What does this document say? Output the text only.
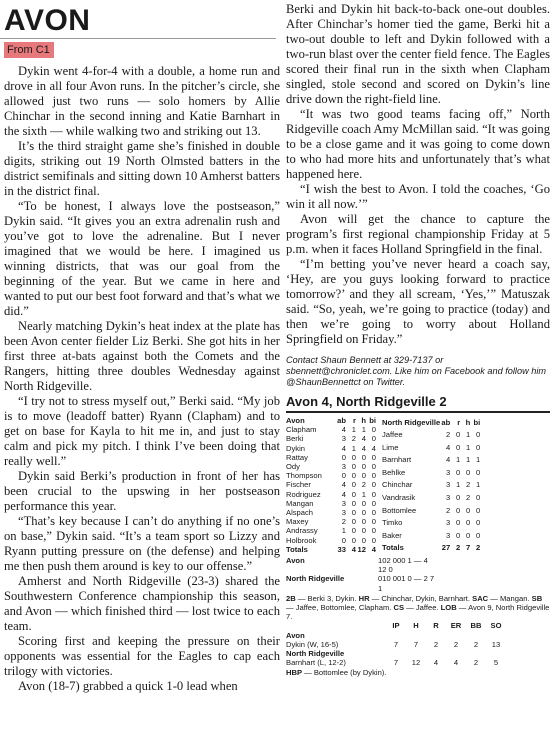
AVON
From C1

Dykin went 4-for-4 with a double, a home run and drove in all four Avon runs. In the pitcher’s circle, she allowed just two runs — solo homers by Allie Chinchar in the second inning and Katie Barnhart in the sixth — while walking two and striking out 13.

It’s the third straight game she’s finished in double digits, striking out 19 North Olmsted batters in the district semifinals and sitting down 10 Amherst batters in the district final.

“To be honest, I always love the postseason,” Dykin said. “It gives you an extra adrenalin rush and you’ve got to love the adrenaline. But I never imagined that we would be here. I imagined us winning districts, that was our goal from the beginning of the year. But we came in here and wanted to put our best foot forward and that’s what we did.”

Nearly matching Dykin’s heat index at the plate has been Avon center fielder Liz Berki. She got hits in her first three at-bats against both the Comets and the Rangers, hitting three doubles Wednesday against North Ridgeville.

“I try not to stress myself out,” Berki said. “My job is to move (leadoff batter) Ryann (Clapham) and to get on base for Kayla to hit me in, and just to stay calm and pick my pitch. I think I’ve been doing that really well.”

Dykin said Berki’s production in front of her has been crucial to the upswing in her postseason performance this year.

“That’s key because I can’t do anything if no one’s on base,” Dykin said. “It’s a team sport so Lizzy and Ryann putting pressure on (the defense) and helping me then push them around is key to our offense.”

Amherst and North Ridgeville (23-3) shared the Southwestern Conference championship this season, and Avon — which finished third — lost twice to each team.

Scoring first and keeping the pressure on their opponents was essential for the Eagles to cap each trilogy with victories.

Avon (18-7) grabbed a quick 1-0 lead when

Berki and Dykin hit back-to-back one-out doubles. After Chinchar’s homer tied the game, Berki hit a two-out double to left and Dykin followed with a two-run blast over the center field fence. The Eagles scored their final run in the sixth when Clapham singled, stole second and scored on Dykin’s line drive down the right-field line.

“It was two good teams facing off,” North Ridgeville coach Amy McMillan said. “It was going to be a close game and it was going to come down to who had more hits and unfortunately that’s what happened here.

“I wish the best to Avon. I told the coaches, ‘Go win it all now.’”

Avon will get the chance to capture the program’s first regional championship Friday at 5 p.m. when it faces Holland Springfield in the final.

“I’m betting you’ve never heard a coach say, ‘Hey, are you guys looking forward to practice tomorrow?’ and they all scream, ‘Yes,’” Matuszak said. “So, yeah, we’re going to practice (today) and then we’re going to worry about Holland Springfield on Friday.”

Contact Shaun Bennett at 329-7137 or sbennett@chroniclet.com. Like him on Facebook and follow him @ShaunBennettct on Twitter.
Avon 4, North Ridgeville 2
Avon	ab	r	h	bi
Clapham	4	1	1	0
Berki	3	2	4	0
Dykin	4	1	4	4
Rattay	0	0	0	0
Ody	3	0	0	0
Thompson	0	0	0	0
Fischer	4	0	2	0
Rodriguez	4	0	1	0
Mangan	3	0	0	0
Alspach	3	0	0	0
Maxey	2	0	0	0
Andrassy	1	0	0	0
Holbrook	0	0	0	0
Totals	33	4	12	4
North Ridgeville	ab	r	h	bi
Jaffee	2	0	1	0
Lime	4	0	1	0
Barnhart	4	1	1	1
Behlke	3	0	0	0
Chinchar	3	1	2	1
Vandrasik	3	0	2	0
Bottomlee	2	0	0	0
Timko	3	0	0	0
Baker	3	0	0	0
Totals	27	2	7	2
Avon	102 000 1 — 4 12 0
North Ridgeville	010 001 0 — 2 7 1
2B — Berki 3, Dykin. HR — Chinchar, Dykin, Barnhart. SAC — Mangan. SB — Jaffee, Bottomlee, Clapham. CS — Jaffee. LOB — Avon 9, North Ridgeville 7.
	IP	H	R	ER	BB	SO
Avon						
Dykin (W, 16-5)	7	7	2	2	2	13
North Ridgeville						
Barnhart (L, 12-2)	7	12	4	4	2	5
HBP — Bottomlee (by Dykin).
